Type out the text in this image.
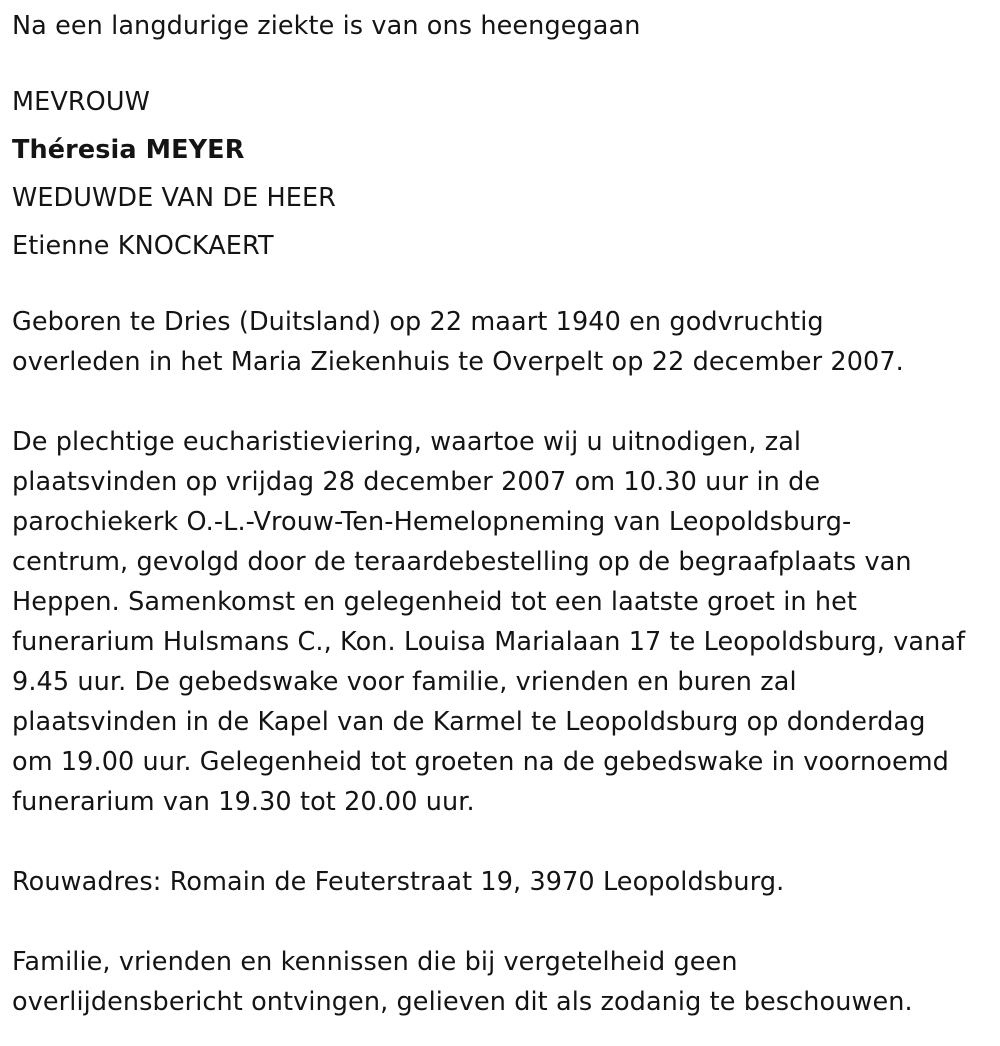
Na een langdurige ziekte is van ons heengegaan

MEVROUW
Théresia MEYER
WEDUWDE VAN DE HEER
Etienne KNOCKAERT
Geboren te Dries (Duitsland) op 22 maart 1940 en godvruchtig
overleden in het Maria Ziekenhuis te Overpelt op 22 december 2007.
De plechtige eucharistieviering, waartoe wij u uitnodigen, zal
plaatsvinden op vrijdag 28 december 2007 om 10.30 uur in de
parochiekerk O.-L.-Vrouw-Ten-Hemelopneming van Leopoldsburg-
centrum, gevolgd door de teraardebestelling op de begraafplaats van
Heppen. Samenkomst en gelegenheid tot een laatste groet in het
funerarium Hulsmans C., Kon. Louisa Marialaan 17 te Leopoldsburg, vanaf
9.45 uur. De gebedswake voor familie, vrienden en buren zal
plaatsvinden in de Kapel van de Karmel te Leopoldsburg op donderdag
om 19.00 uur. Gelegenheid tot groeten na de gebedswake in voornoemd
funerarium van 19.30 tot 20.00 uur.

Rouwadres: Romain de Feuterstraat 19, 3970 Leopoldsburg.

Familie, vrienden en kennissen die bij vergetelheid geen
overlijdensbericht ontvingen, gelieven dit als zodanig te beschouwen.
